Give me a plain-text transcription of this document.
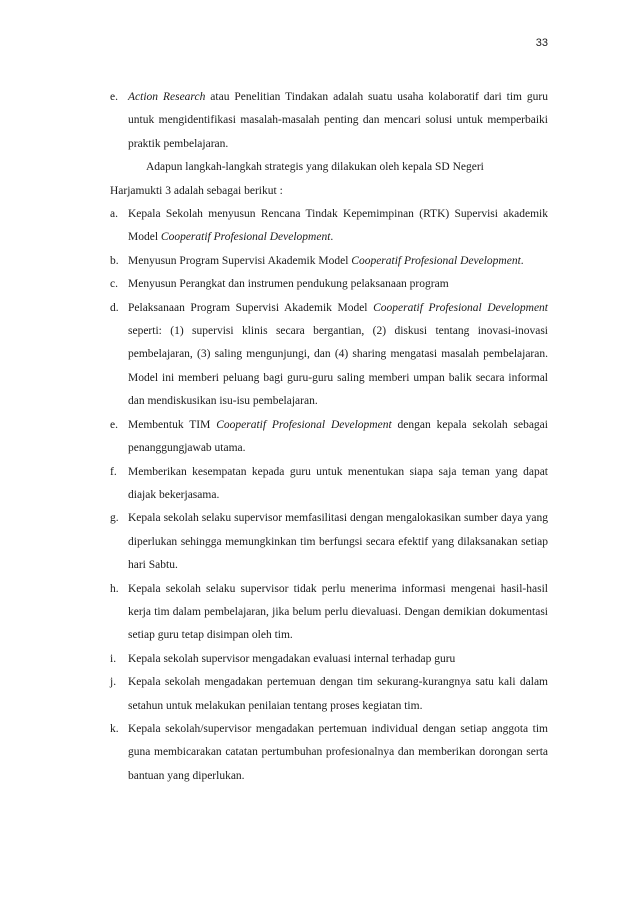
33
e. Action Research atau Penelitian Tindakan adalah suatu usaha kolaboratif dari tim guru untuk mengidentifikasi masalah-masalah penting dan mencari solusi untuk memperbaiki praktik pembelajaran.
Adapun langkah-langkah strategis yang dilakukan oleh kepala SD Negeri
Harjamukti 3 adalah sebagai berikut :
a. Kepala Sekolah menyusun Rencana Tindak Kepemimpinan (RTK) Supervisi akademik Model Cooperatif Profesional Development.
b. Menyusun Program Supervisi Akademik Model Cooperatif Profesional Development.
c. Menyusun Perangkat dan instrumen pendukung pelaksanaan program
d. Pelaksanaan Program Supervisi Akademik Model Cooperatif Profesional Development seperti: (1) supervisi klinis secara bergantian, (2) diskusi tentang inovasi-inovasi pembelajaran, (3) saling mengunjungi, dan (4) sharing mengatasi masalah pembelajaran. Model ini memberi peluang bagi guru-guru saling memberi umpan balik secara informal dan mendiskusikan isu-isu pembelajaran.
e. Membentuk TIM Cooperatif Profesional Development dengan kepala sekolah sebagai penanggungjawab utama.
f. Memberikan kesempatan kepada guru untuk menentukan siapa saja teman yang dapat diajak bekerjasama.
g. Kepala sekolah selaku supervisor memfasilitasi dengan mengalokasikan sumber daya yang diperlukan sehingga memungkinkan tim berfungsi secara efektif yang dilaksanakan setiap hari Sabtu.
h. Kepala sekolah selaku supervisor tidak perlu menerima informasi mengenai hasil-hasil kerja tim dalam pembelajaran, jika belum perlu dievaluasi. Dengan demikian dokumentasi setiap guru tetap disimpan oleh tim.
i. Kepala sekolah supervisor mengadakan evaluasi internal terhadap guru
j. Kepala sekolah mengadakan pertemuan dengan tim sekurang-kurangnya satu kali dalam setahun untuk melakukan penilaian tentang proses kegiatan tim.
k. Kepala sekolah/supervisor mengadakan pertemuan individual dengan setiap anggota tim guna membicarakan catatan pertumbuhan profesionalnya dan memberikan dorongan serta bantuan yang diperlukan.
